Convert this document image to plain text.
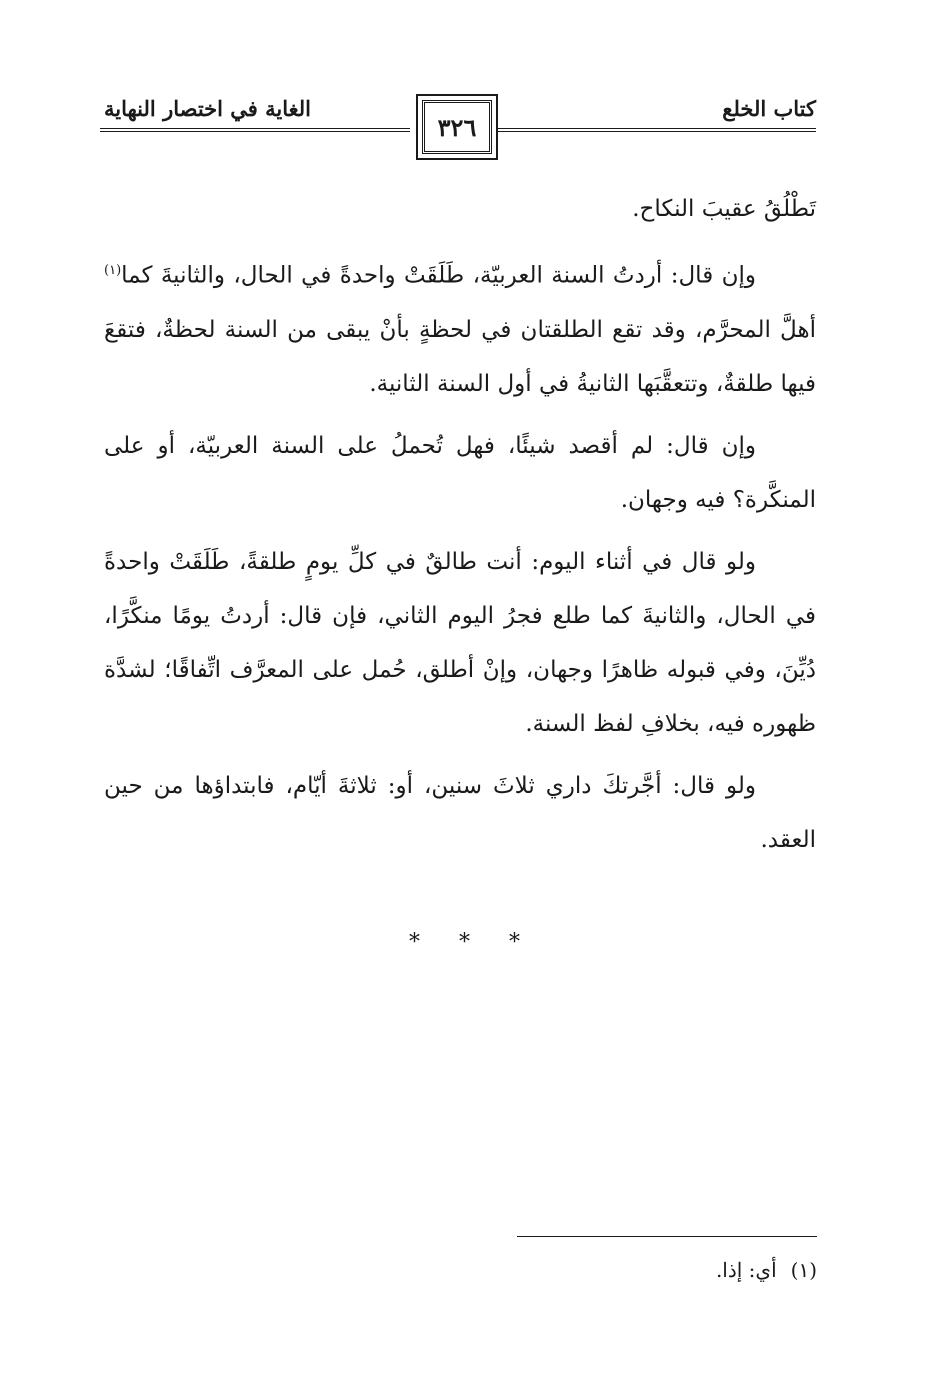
كتاب الخلع
الغاية في اختصار النهاية
٣٢٦

تَطْلُقُ عقيبَ النكاح.

وإن قال: أردتُ السنة العربيّة، طَلَقَتْ واحدةً في الحال، والثانيةَ كما$^{(١)}$ أهلَّ المحرَّم، وقد تقع الطلقتان في لحظةٍ بأنْ يبقى من السنة لحظةٌ، فتقعَ فيها طلقةٌ، وتتعقَّبَها الثانيةُ في أول السنة الثانية.

وإن قال: لم أقصد شيئًا، فهل تُحملُ على السنة العربيّة، أو على المنكَّرة؟ فيه وجهان.

ولو قال في أثناء اليوم: أنت طالقٌ في كلِّ يومٍ طلقةً، طَلَقَتْ واحدةً في الحال، والثانيةَ كما طلع فجرُ اليوم الثاني، فإن قال: أردتُ يومًا منكَّرًا، دُيِّنَ، وفي قبوله ظاهرًا وجهان، وإنْ أطلق، حُمل على المعرَّف اتِّفاقًا؛ لشدَّة ظهوره فيه، بخلافِ لفظ السنة.

ولو قال: أجَّرتكَ داري ثلاثَ سنين، أو: ثلاثةَ أيّام، فابتداؤها من حين العقد.

* * *
(١)أي: إذا.
